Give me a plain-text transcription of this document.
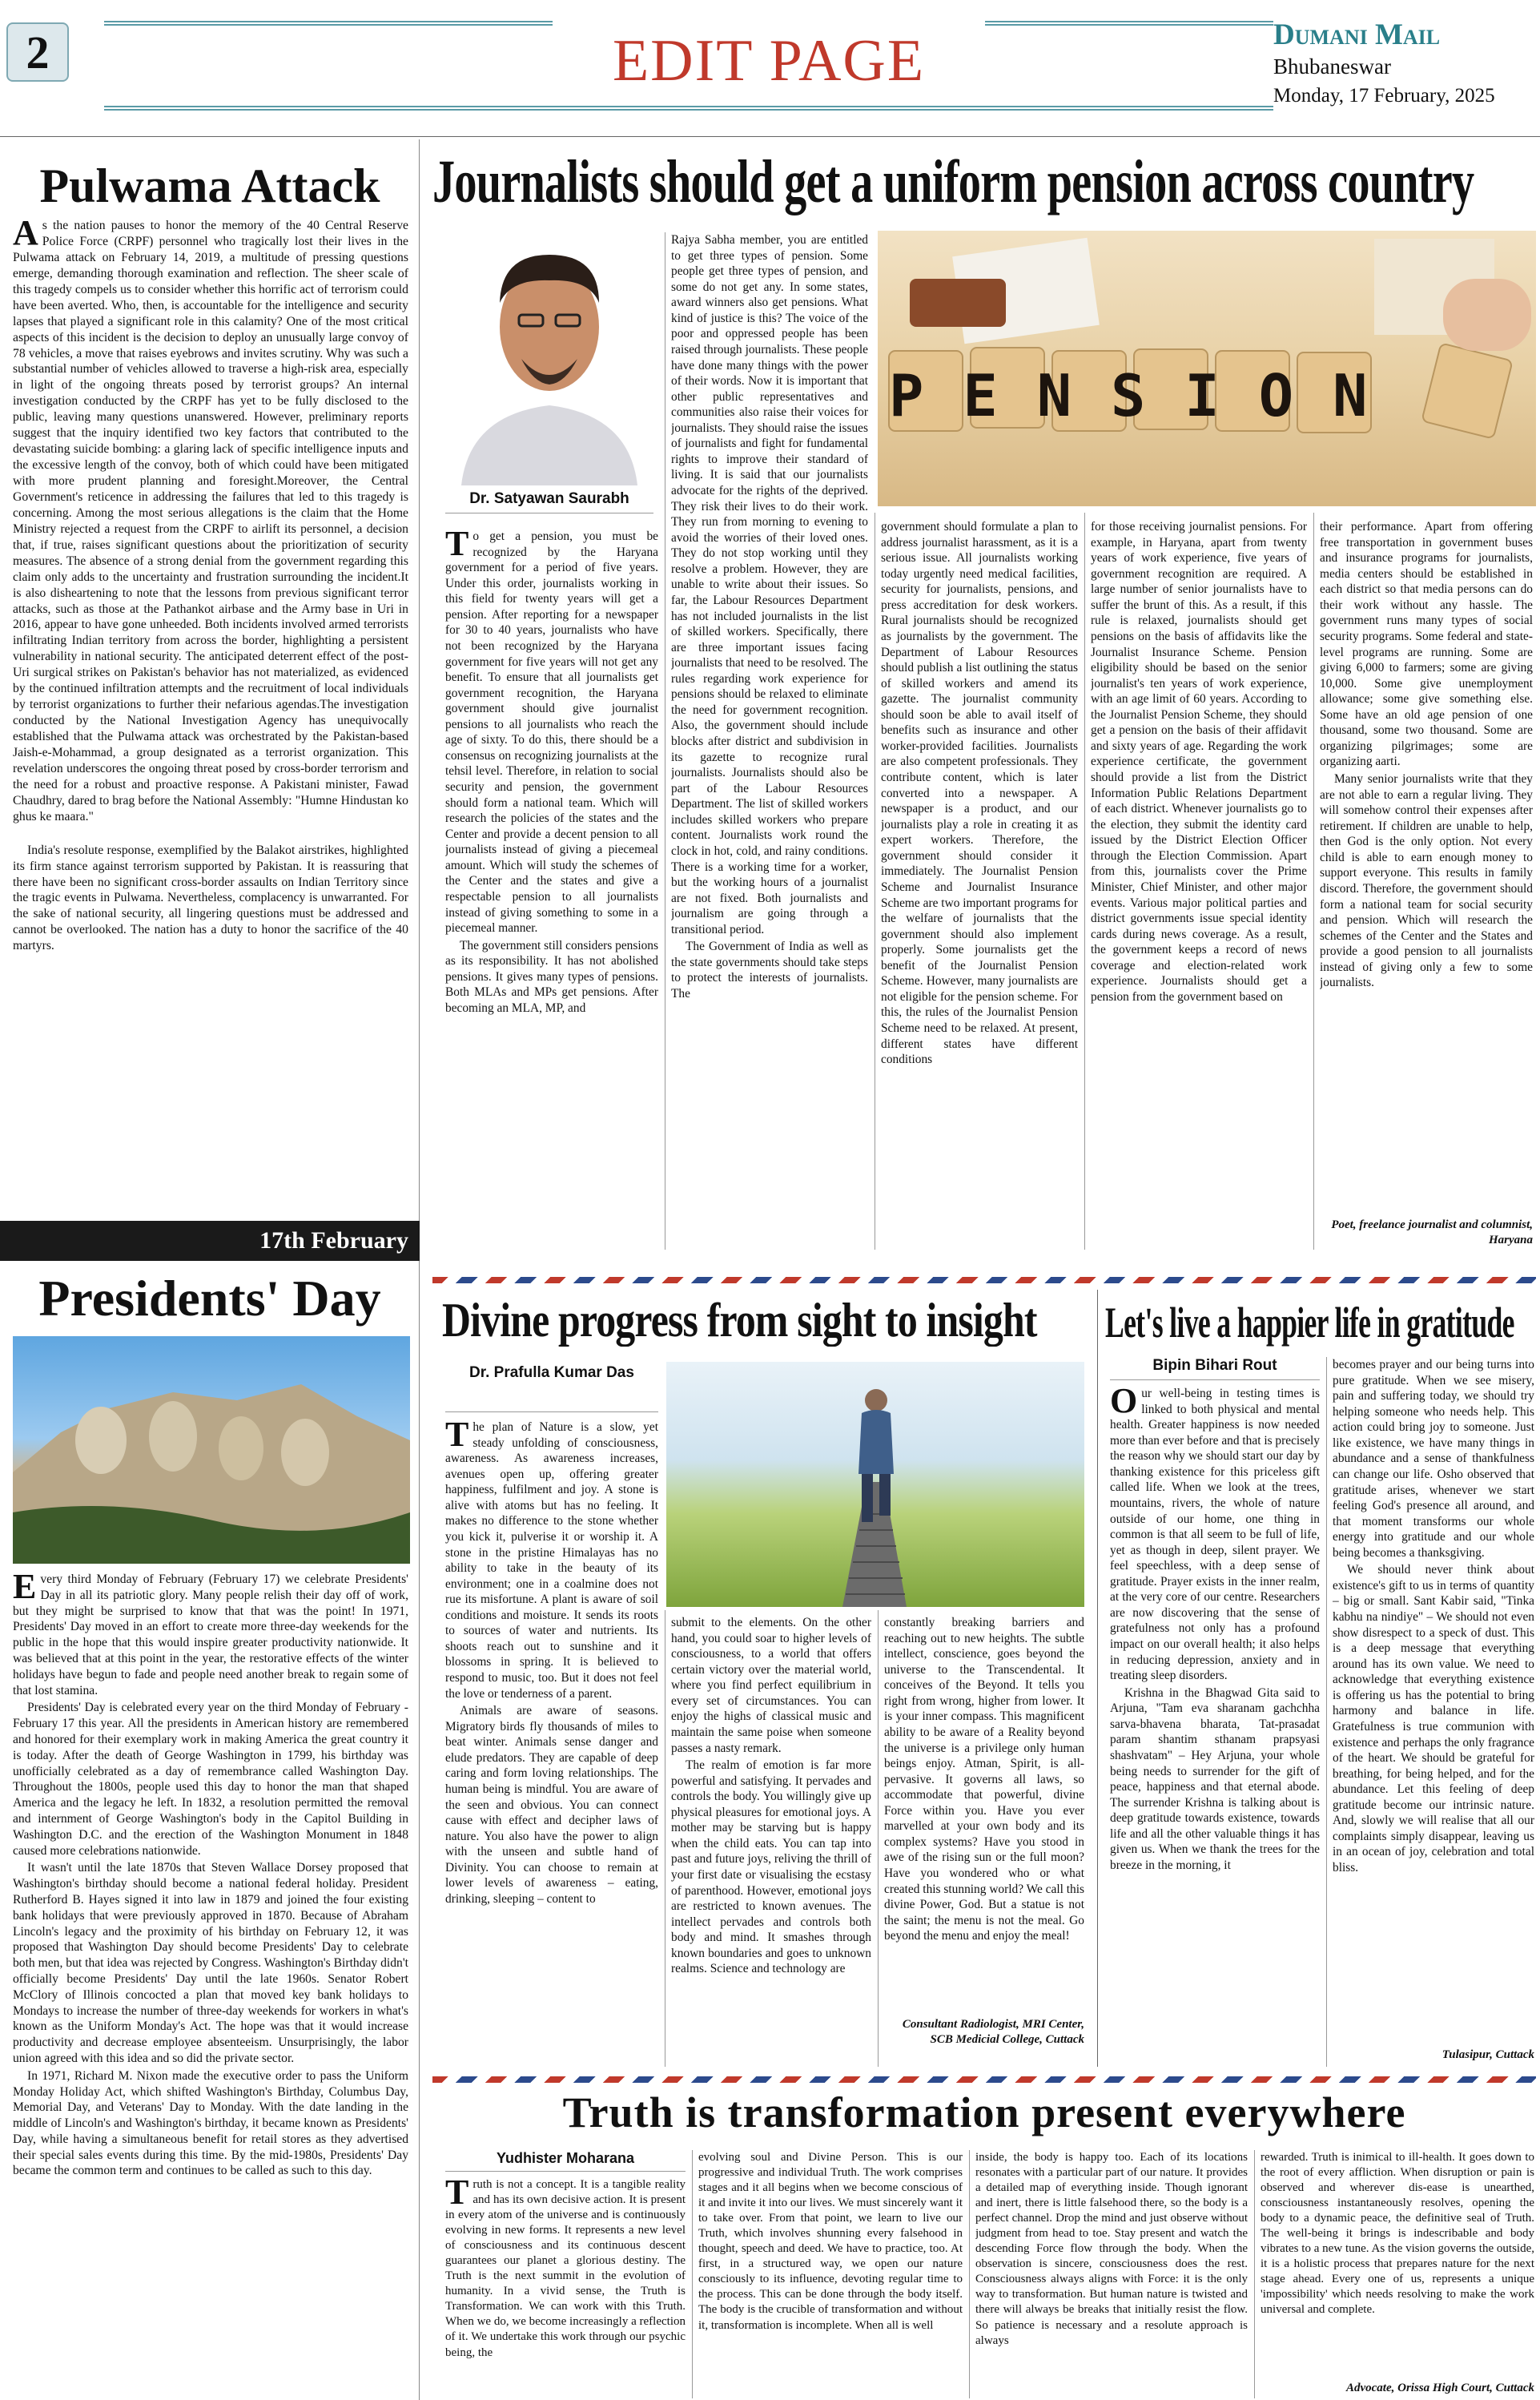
2	EDIT PAGE	Dumani Mail
Bhubaneswar
Monday, 17 February, 2025
Pulwama Attack

As the nation pauses to honor the memory of the 40 Central Reserve Police Force (CRPF) personnel who tragically lost their lives in the Pulwama attack on February 14, 2019, a multitude of pressing questions emerge, demanding thorough examination and reflection. The sheer scale of this tragedy compels us to consider whether this horrific act of terrorism could have been averted. Who, then, is accountable for the intelligence and security lapses that played a significant role in this calamity? One of the most critical aspects of this incident is the decision to deploy an unusually large convoy of 78 vehicles, a move that raises eyebrows and invites scrutiny. Why was such a substantial number of vehicles allowed to traverse a high-risk area, especially in light of the ongoing threats posed by terrorist groups? An internal investigation conducted by the CRPF has yet to be fully disclosed to the public, leaving many questions unanswered. However, preliminary reports suggest that the inquiry identified two key factors that contributed to the devastating suicide bombing: a glaring lack of specific intelligence inputs and the excessive length of the convoy, both of which could have been mitigated with more prudent planning and foresight.Moreover, the Central Government's reticence in addressing the failures that led to this tragedy is concerning. Among the most serious allegations is the claim that the Home Ministry rejected a request from the CRPF to airlift its personnel, a decision that, if true, raises significant questions about the prioritization of security measures. The absence of a strong denial from the government regarding this claim only adds to the uncertainty and frustration surrounding the incident.It is also disheartening to note that the lessons from previous significant terror attacks, such as those at the Pathankot airbase and the Army base in Uri in 2016, appear to have gone unheeded. Both incidents involved armed terrorists infiltrating Indian territory from across the border, highlighting a persistent vulnerability in national security. The anticipated deterrent effect of the post-Uri surgical strikes on Pakistan's behavior has not materialized, as evidenced by the continued infiltration attempts and the recruitment of local individuals by terrorist organizations to further their nefarious agendas.The investigation conducted by the National Investigation Agency has unequivocally established that the Pulwama attack was orchestrated by the Pakistan-based Jaish-e-Mohammad, a group designated as a terrorist organization. This revelation underscores the ongoing threat posed by cross-border terrorism and the need for a robust and proactive response. A Pakistani minister, Fawad Chaudhry, dared to brag before the National Assembly: "Humne Hindustan ko ghus ke maara."

India's resolute response, exemplified by the Balakot airstrikes, highlighted its firm stance against terrorism supported by Pakistan. It is reassuring that there have been no significant cross-border assaults on Indian Territory since the tragic events in Pulwama. Nevertheless, complacency is unwarranted. For the sake of national security, all lingering questions must be addressed and cannot be overlooked. The nation has a duty to honor the sacrifice of the 40 martyrs.

17th February
Presidents' Day

Every third Monday of February (February 17) we celebrate Presidents' Day in all its patriotic glory. Many people relish their day off of work, but they might be surprised to know that that was the point! In 1971, Presidents' Day moved in an effort to create more three-day weekends for the public in the hope that this would inspire greater productivity nationwide. It was believed that at this point in the year, the restorative effects of the winter holidays have begun to fade and people need another break to regain some of that lost stamina.

Presidents' Day is celebrated every year on the third Monday of February - February 17 this year. All the presidents in American history are remembered and honored for their exemplary work in making America the great country it is today. After the death of George Washington in 1799, his birthday was unofficially celebrated as a day of remembrance called Washington Day. Throughout the 1800s, people used this day to honor the man that shaped America and the legacy he left. In 1832, a resolution permitted the removal and internment of George Washington's body in the Capitol Building in Washington D.C. and the erection of the Washington Monument in 1848 caused more celebrations nationwide.

It wasn't until the late 1870s that Steven Wallace Dorsey proposed that Washington's birthday should become a national federal holiday. President Rutherford B. Hayes signed it into law in 1879 and joined the four existing bank holidays that were previously approved in 1870. Because of Abraham Lincoln's legacy and the proximity of his birthday on February 12, it was proposed that Washington Day should become Presidents' Day to celebrate both men, but that idea was rejected by Congress. Washington's Birthday didn't officially become Presidents' Day until the late 1960s. Senator Robert McClory of Illinois concocted a plan that moved key bank holidays to Mondays to increase the number of three-day weekends for workers in what's known as the Uniform Monday's Act. The hope was that it would increase productivity and decrease employee absenteeism. Unsurprisingly, the labor union agreed with this idea and so did the private sector.

In 1971, Richard M. Nixon made the executive order to pass the Uniform Monday Holiday Act, which shifted Washington's Birthday, Columbus Day, Memorial Day, and Veterans' Day to Monday. With the date landing in the middle of Lincoln's and Washington's birthday, it became known as Presidents' Day, while having a simultaneous benefit for retail stores as they advertised their special sales events during this time. By the mid-1980s, Presidents' Day became the common term and continues to be called as such to this day.

Journalists should get a uniform pension across country
Dr. Satyawan Saurabh
PENSION

To get a pension, you must be recognized by the Haryana government for a period of five years. Under this order, journalists working in this field for twenty years will get a pension. After reporting for a newspaper for 30 to 40 years, journalists who have not been recognized by the Haryana government for five years will not get any benefit. To ensure that all journalists get government recognition, the Haryana government should give journalist pensions to all journalists who reach the age of sixty. To do this, there should be a consensus on recognizing journalists at the tehsil level. Therefore, in relation to social security and pension, the government should form a national team. Which will research the policies of the states and the Center and provide a decent pension to all journalists instead of giving a piecemeal amount. Which will study the schemes of the Center and the states and give a respectable pension to all journalists instead of giving something to some in a piecemeal manner.

The government still considers pensions as its responsibility. It has not abolished pensions. It gives many types of pensions. Both MLAs and MPs get pensions. After becoming an MLA, MP, and

Rajya Sabha member, you are entitled to get three types of pension. Some people get three types of pension, and some do not get any. In some states, award winners also get pensions. What kind of justice is this? The voice of the poor and oppressed people has been raised through journalists. These people have done many things with the power of their words. Now it is important that other public representatives and communities also raise their voices for journalists. They should raise the issues of journalists and fight for fundamental rights to improve their standard of living. It is said that our journalists advocate for the rights of the deprived. They risk their lives to do their work. They run from morning to evening to avoid the worries of their loved ones. They do not stop working until they resolve a problem. However, they are unable to write about their issues. So far, the Labour Resources Department has not included journalists in the list of skilled workers. Specifically, there are three important issues facing journalists that need to be resolved. The rules regarding work experience for pensions should be relaxed to eliminate the need for government recognition. Also, the government should include blocks after district and subdivision in its gazette to recognize rural journalists. Journalists should also be part of the Labour Resources Department. The list of skilled workers includes skilled workers who prepare content. Journalists work round the clock in hot, cold, and rainy conditions. There is a working time for a worker, but the working hours of a journalist are not fixed. Both journalists and journalism are going through a transitional period.

The Government of India as well as the state governments should take steps to protect the interests of journalists. The

government should formulate a plan to address journalist harassment, as it is a serious issue. All journalists working today urgently need medical facilities, security for journalists, pensions, and press accreditation for desk workers. Rural journalists should be recognized as journalists by the government. The Department of Labour Resources should publish a list outlining the status of skilled workers and amend its gazette. The journalist community should soon be able to avail itself of benefits such as insurance and other worker-provided facilities. Journalists are also competent professionals. They contribute content, which is later converted into a newspaper. A newspaper is a product, and our journalists play a role in creating it as expert workers. Therefore, the government should consider it immediately. The Journalist Pension Scheme and Journalist Insurance Scheme are two important programs for the welfare of journalists that the government should also implement properly. Some journalists get the benefit of the Journalist Pension Scheme. However, many journalists are not eligible for the pension scheme. For this, the rules of the Journalist Pension Scheme need to be relaxed. At present, different states have different conditions

for those receiving journalist pensions. For example, in Haryana, apart from twenty years of work experience, five years of government recognition are required. A large number of senior journalists have to suffer the brunt of this. As a result, if this rule is relaxed, journalists should get pensions on the basis of affidavits like the Journalist Insurance Scheme. Pension eligibility should be based on the senior journalist's ten years of work experience, with an age limit of 60 years. According to the Journalist Pension Scheme, they should get a pension on the basis of their affidavit and sixty years of age. Regarding the work experience certificate, the government should provide a list from the District Information Public Relations Department of each district. Whenever journalists go to the election, they submit the identity card issued by the District Election Officer through the Election Commission. Apart from this, journalists cover the Prime Minister, Chief Minister, and other major events. Various major political parties and district governments issue special identity cards during news coverage. As a result, the government keeps a record of news coverage and election-related work experience. Journalists should get a pension from the government based on

their performance. Apart from offering free transportation in government buses and insurance programs for journalists, media centers should be established in each district so that media persons can do their work without any hassle. The government runs many types of social security programs. Some federal and state-level programs are running. Some are giving 6,000 to farmers; some are giving 10,000. Some give unemployment allowance; some give something else. Some have an old age pension of one thousand, some two thousand. Some are organizing pilgrimages; some are organizing aarti.

Many senior journalists write that they are not able to earn a regular living. They will somehow control their expenses after retirement. If children are unable to help, then God is the only option. Not every child is able to earn enough money to support everyone. This results in family discord. Therefore, the government should form a national team for social security and pension. Which will research the schemes of the Center and the States and provide a good pension to all journalists instead of giving only a few to some journalists.

Poet, freelance journalist and columnist, Haryana
Divine progress from sight to insight
Dr. Prafulla Kumar Das

The plan of Nature is a slow, yet steady unfolding of consciousness, awareness. As awareness increases, avenues open up, offering greater happiness, fulfilment and joy. A stone is alive with atoms but has no feeling. It makes no difference to the stone whether you kick it, pulverise it or worship it. A stone in the pristine Himalayas has no ability to take in the beauty of its environment; one in a coalmine does not rue its misfortune. A plant is aware of soil conditions and moisture. It sends its roots to sources of water and nutrients. Its shoots reach out to sunshine and it blossoms in spring. It is believed to respond to music, too. But it does not feel the love or tenderness of a parent.

Animals are aware of seasons. Migratory birds fly thousands of miles to beat winter. Animals sense danger and elude predators. They are capable of deep caring and form loving relationships. The human being is mindful. You are aware of the seen and obvious. You can connect cause with effect and decipher laws of nature. You also have the power to align with the unseen and subtle hand of Divinity. You can choose to remain at lower levels of awareness – eating, drinking, sleeping – content to

submit to the elements. On the other hand, you could soar to higher levels of consciousness, to a world that offers certain victory over the material world, where you find perfect equilibrium in every set of circumstances. You can enjoy the highs of classical music and maintain the same poise when someone passes a nasty remark.

The realm of emotion is far more powerful and satisfying. It pervades and controls the body. You willingly give up physical pleasures for emotional joys. A mother may be starving but is happy when the child eats. You can tap into past and future joys, reliving the thrill of your first date or visualising the ecstasy of parenthood. However, emotional joys are restricted to known avenues. The intellect pervades and controls both body and mind. It smashes through known boundaries and goes to unknown realms. Science and technology are

constantly breaking barriers and reaching out to new heights. The subtle intellect, conscience, goes beyond the universe to the Transcendental. It conceives of the Beyond. It tells you right from wrong, higher from lower. It is your inner compass. This magnificent ability to be aware of a Reality beyond the universe is a privilege only human beings enjoy. Atman, Spirit, is all-pervasive. It governs all laws, so accommodate that powerful, divine Force within you. Have you ever marvelled at your own body and its complex systems? Have you stood in awe of the rising sun or the full moon? Have you wondered who or what created this stunning world? We call this divine Power, God. But a statue is not the saint; the menu is not the meal. Go beyond the menu and enjoy the meal!

Consultant Radiologist, MRI Center, SCB Medicial College, Cuttack
Let's live a happier life in gratitude
Bipin Bihari Rout

Our well-being in testing times is linked to both physical and mental health. Greater happiness is now needed more than ever before and that is precisely the reason why we should start our day by thanking existence for this priceless gift called life. When we look at the trees, mountains, rivers, the whole of nature outside of our home, one thing in common is that all seem to be full of life, yet as though in deep, silent prayer. We feel speechless, with a deep sense of gratitude. Prayer exists in the inner realm, at the very core of our centre. Researchers are now discovering that the sense of gratefulness not only has a profound impact on our overall health; it also helps in reducing depression, anxiety and in treating sleep disorders.

Krishna in the Bhagwad Gita said to Arjuna, "Tam eva sharanam gachchha sarva-bhavena bharata, Tat-prasadat param shantim sthanam prapsyasi shashvatam" – Hey Arjuna, your whole being needs to surrender for the gift of peace, happiness and that eternal abode. The surrender Krishna is talking about is deep gratitude towards existence, towards life and all the other valuable things it has given us. When we thank the trees for the breeze in the morning, it

becomes prayer and our being turns into pure gratitude. When we see misery, pain and suffering today, we should try helping someone who needs help. This action could bring joy to someone. Just like existence, we have many things in abundance and a sense of thankfulness can change our life. Osho observed that gratitude arises, whenever we start feeling God's presence all around, and that moment transforms our whole energy into gratitude and our whole being becomes a thanksgiving.

We should never think about existence's gift to us in terms of quantity – big or small. Sant Kabir said, "Tinka kabhu na nindiye" – We should not even show disrespect to a speck of dust. This is a deep message that everything around has its own value. We need to acknowledge that everything existence is offering us has the potential to bring harmony and balance in life. Gratefulness is true communion with existence and perhaps the only fragrance of the heart. We should be grateful for breathing, for being helped, and for the abundance. Let this feeling of deep gratitude become our intrinsic nature. And, slowly we will realise that all our complaints simply disappear, leaving us in an ocean of joy, celebration and total bliss.

Tulasipur, Cuttack
Truth is transformation present everywhere
Yudhister Moharana

Truth is not a concept. It is a tangible reality and has its own decisive action. It is present in every atom of the universe and is continuously evolving in new forms. It represents a new level of consciousness and its continuous descent guarantees our planet a glorious destiny. The Truth is the next summit in the evolution of humanity. In a vivid sense, the Truth is Transformation. We can work with this Truth. When we do, we become increasingly a reflection of it. We undertake this work through our psychic being, the

evolving soul and Divine Person. This is our progressive and individual Truth. The work comprises stages and it all begins when we become conscious of it and invite it into our lives. We must sincerely want it to take over. From that point, we learn to live our Truth, which involves shunning every falsehood in thought, speech and deed. We have to practice, too. At first, in a structured way, we open our nature consciously to its influence, devoting regular time to the process. This can be done through the body itself. The body is the crucible of transformation and without it, transformation is incomplete. When all is well

inside, the body is happy too. Each of its locations resonates with a particular part of our nature. It provides a detailed map of everything inside. Though ignorant and inert, there is little falsehood there, so the body is a perfect channel. Drop the mind and just observe without judgment from head to toe. Stay present and watch the descending Force flow through the body. When the observation is sincere, consciousness does the rest. Consciousness always aligns with Force: it is the only way to transformation. But human nature is twisted and there will always be breaks that initially resist the flow. So patience is necessary and a resolute approach is always

rewarded. Truth is inimical to ill-health. It goes down to the root of every affliction. When disruption or pain is observed and wherever dis-ease is unearthed, consciousness instantaneously resolves, opening the body to a dynamic peace, the definitive seal of Truth. The well-being it brings is indescribable and body vibrates to a new tune. As the vision governs the outside, it is a holistic process that prepares nature for the next stage ahead. Every one of us, represents a unique 'impossibility' which needs resolving to make the work universal and complete.

Advocate, Orissa High Court, Cuttack
